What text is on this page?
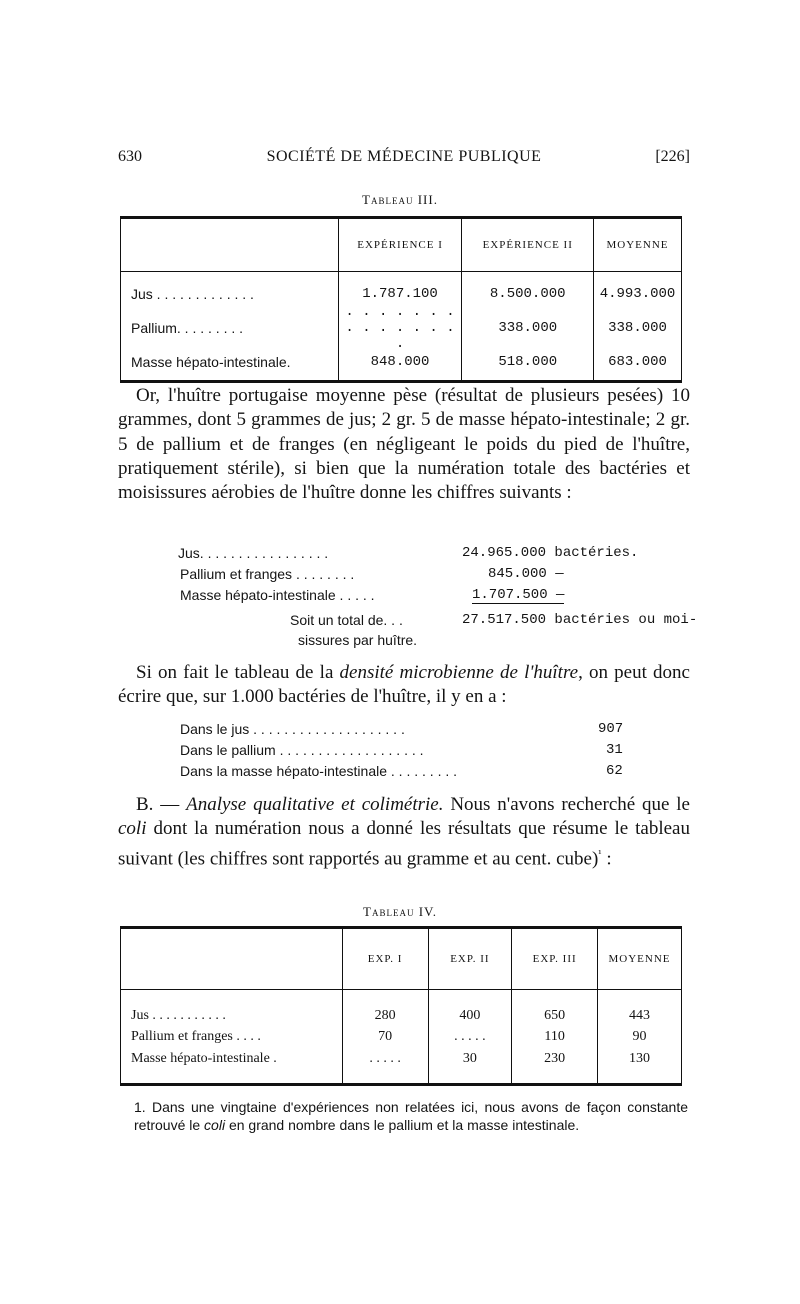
630	SOCIÉTÉ DE MÉDECINE PUBLIQUE	[226]
Tableau III.
	EXPÉRIENCE I	EXPÉRIENCE II	MOYENNE
Jus . . . . . . . . . . . . .	1.787.100	8.500.000	4.993.000
Pallium. . . . . . . . .	. . . . . . . . . . . . . . .	338.000	338.000
Masse hépato-intestinale.	848.000	518.000	683.000
Or, l'huître portugaise moyenne pèse (résultat de plusieurs pesées) 10 grammes, dont 5 grammes de jus; 2 gr. 5 de masse hépato-intestinale; 2 gr. 5 de pallium et de franges (en négligeant le poids du pied de l'huître, pratiquement stérile), si bien que la numération totale des bactéries et moisissures aérobies de l'huître donne les chiffres suivants :
Jus. . . . . . . . . . . . . . . . .	24.965.000 bactéries.
Pallium et franges . . . . . . . .	845.000 —
Masse hépato-intestinale . . . . .	1.707.500 —
Soit un total de. . .	27.517.500 bactéries ou moi-
sissures par huître.
Si on fait le tableau de la densité microbienne de l'huître, on peut donc écrire que, sur 1.000 bactéries de l'huître, il y en a :
Dans le jus . . . . . . . . . . . . . . . . . . . .	907
Dans le pallium . . . . . . . . . . . . . . . . . . .	31
Dans la masse hépato-intestinale . . . . . . . . .	62
B. — Analyse qualitative et colimétrie. Nous n'avons recherché que le coli dont la numération nous a donné les résultats que résume le tableau suivant (les chiffres sont rapportés au gramme et au cent. cube)$^{^1}$ :
Tableau IV.
	EXP. I	EXP. II	EXP. III	MOYENNE
Jus . . . . . . . . . . .	280	400	650	443
Pallium et franges . . . .	70	. . . . .	110	90
Masse hépato-intestinale .	. . . . .	30	230	130
1. Dans une vingtaine d'expériences non relatées ici, nous avons de façon constante retrouvé le coli en grand nombre dans le pallium et la masse intestinale.
